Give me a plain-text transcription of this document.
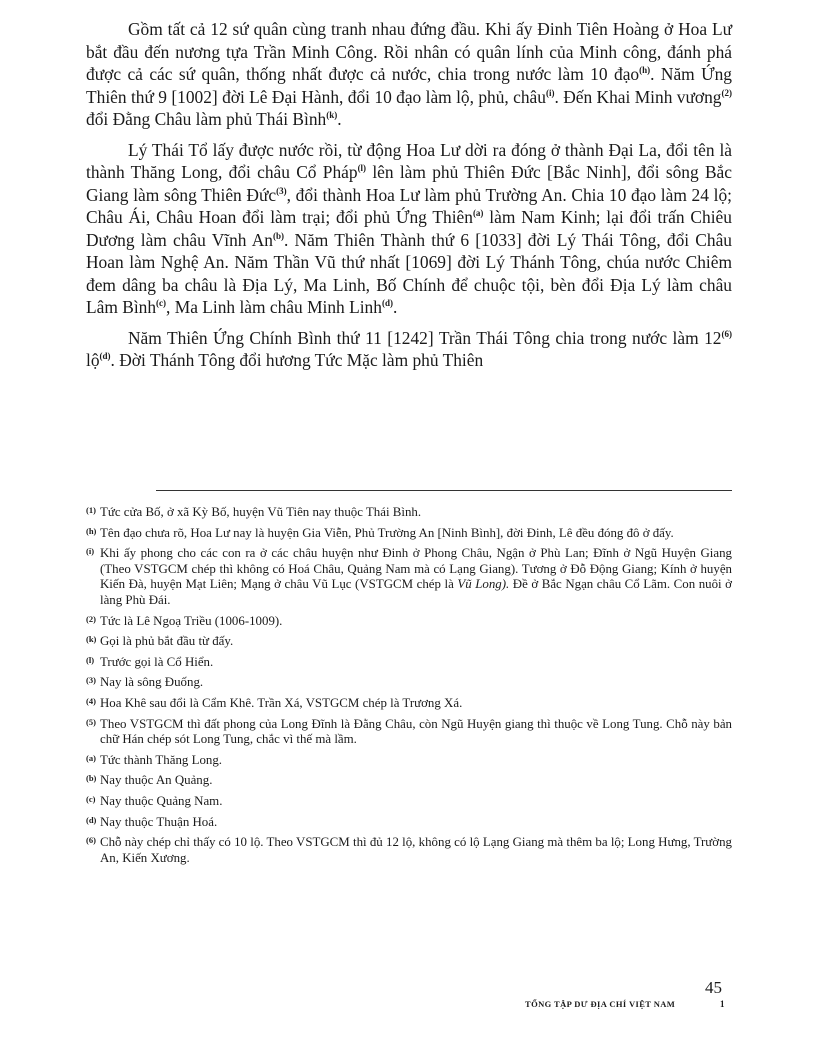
Gồm tất cả 12 sứ quân cùng tranh nhau đứng đầu. Khi ấy Đinh Tiên Hoàng ở Hoa Lư bắt đầu đến nương tựa Trần Minh Công. Rồi nhân có quân lính của Minh công, đánh phá được cả các sứ quân, thống nhất được cả nước, chia trong nước làm 10 đạo$^{(h)}$. Năm Ứng Thiên thứ 9 [1002] đời Lê Đại Hành, đổi 10 đạo làm lộ, phủ, châu$^{(i)}$. Đến Khai Minh vương$^{(2)}$ đổi Đằng Châu làm phủ Thái Bình$^{(k)}$.

Lý Thái Tổ lấy được nước rồi, từ động Hoa Lư dời ra đóng ở thành Đại La, đổi tên là thành Thăng Long, đổi châu Cổ Pháp$^{(l)}$ lên làm phủ Thiên Đức [Bắc Ninh], đổi sông Bắc Giang làm sông Thiên Đức$^{(3)}$, đổi thành Hoa Lư làm phủ Trường An. Chia 10 đạo làm 24 lộ; Châu Ái, Châu Hoan đổi làm trại; đổi phủ Ứng Thiên$^{(a)}$ làm Nam Kinh; lại đổi trấn Chiêu Dương làm châu Vĩnh An$^{(b)}$. Năm Thiên Thành thứ 6 [1033] đời Lý Thái Tông, đổi Châu Hoan làm Nghệ An. Năm Thần Vũ thứ nhất [1069] đời Lý Thánh Tông, chúa nước Chiêm đem dâng ba châu là Địa Lý, Ma Linh, Bố Chính để chuộc tội, bèn đổi Địa Lý làm châu Lâm Bình$^{(c)}$, Ma Linh làm châu Minh Linh$^{(d)}$.

Năm Thiên Ứng Chính Bình thứ 11 [1242] Trần Thái Tông chia trong nước làm 12$^{(6)}$ lộ$^{(d)}$. Đời Thánh Tông đổi hương Tức Mặc làm phủ Thiên

(1) Tức cửa Bố, ở xã Kỳ Bố, huyện Vũ Tiên nay thuộc Thái Bình.
(h) Tên đạo chưa rõ, Hoa Lư nay là huyện Gia Viễn, Phủ Trường An [Ninh Bình], đời Đinh, Lê đều đóng đô ở đấy.
(i) Khi ấy phong cho các con ra ở các châu huyện như Đinh ở Phong Châu, Ngận ở Phù Lan; Đĩnh ở Ngũ Huyện Giang (Theo VSTGCM chép thì không có Hoá Châu, Quảng Nam mà có Lạng Giang). Tương ở Đỗ Động Giang; Kính ở huyện Kiến Đà, huyện Mạt Liên; Mạng ở châu Vũ Lục (VSTGCM chép là Vũ Long). Đề ở Bắc Ngạn châu Cổ Lãm. Con nuôi ở làng Phù Đái.
(2) Tức là Lê Ngoạ Triều (1006-1009).
(k) Gọi là phủ bắt đầu từ đấy.
(l) Trước gọi là Cổ Hiển.
(3) Nay là sông Đuống.
(4) Hoa Khê sau đổi là Cẩm Khê. Trần Xá, VSTGCM chép là Trương Xá.
(5) Theo VSTGCM thì đất phong của Long Đĩnh là Đằng Châu, còn Ngũ Huyện giang thì thuộc về Long Tung. Chỗ này bản chữ Hán chép sót Long Tung, chắc vì thế mà lầm.
(a) Tức thành Thăng Long.
(b) Nay thuộc An Quảng.
(c) Nay thuộc Quảng Nam.
(d) Nay thuộc Thuận Hoá.
(6) Chỗ này chép chỉ thấy có 10 lộ. Theo VSTGCM thì đủ 12 lộ, không có lộ Lạng Giang mà thêm ba lộ; Long Hưng, Trường An, Kiến Xương.
45
TỔNG TẬP DƯ ĐỊA CHÍ VIỆT NAM	1
